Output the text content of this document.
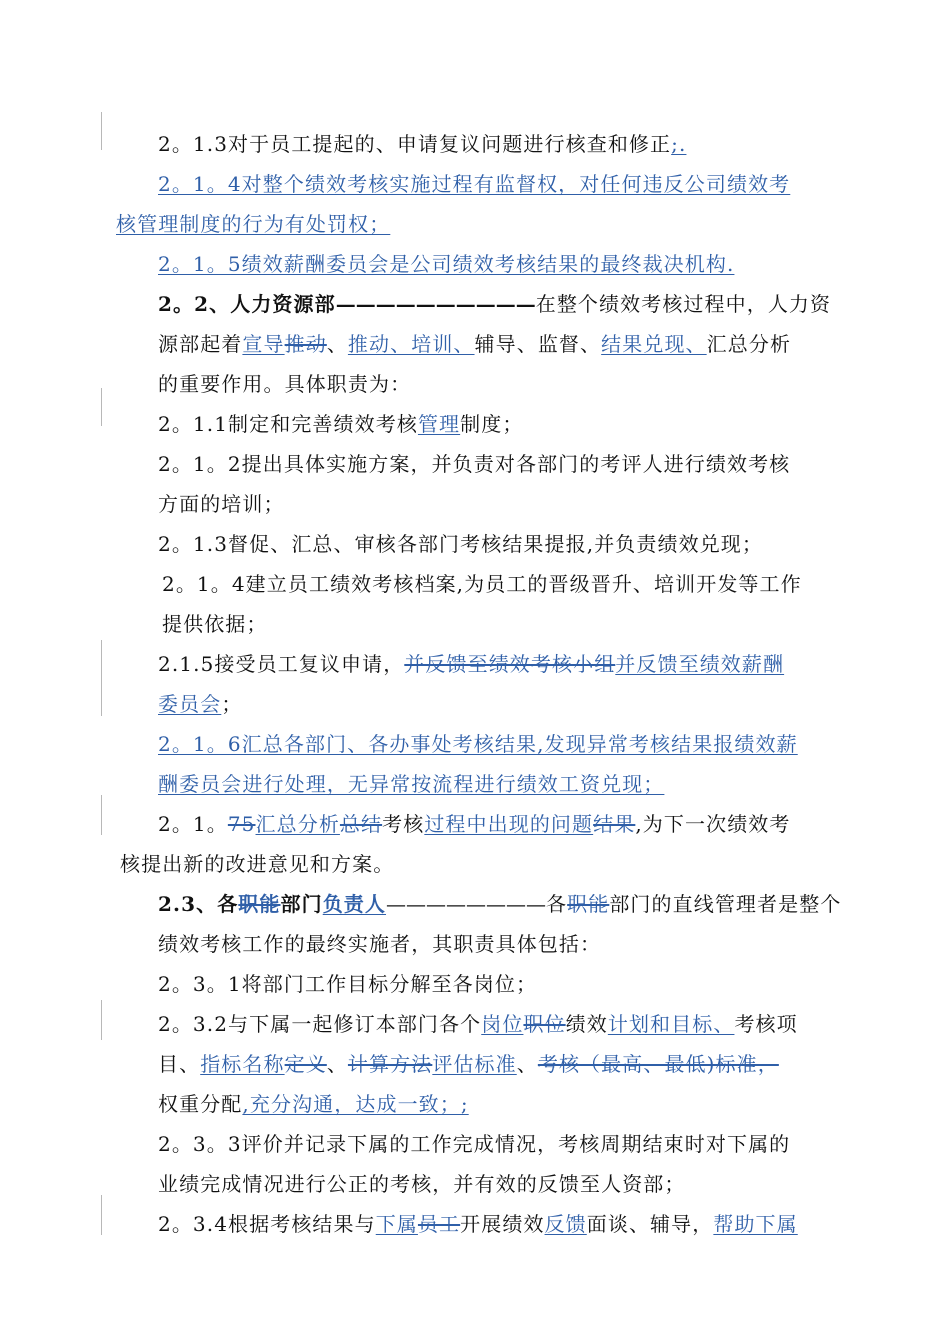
2。1.3对于员工提起的、申请复议问题进行核查和修正;.
2。1。4对整个绩效考核实施过程有监督权，对任何违反公司绩效考
核管理制度的行为有处罚权；
2。1。5绩效薪酬委员会是公司绩效考核结果的最终裁决机构.
2。2、人力资源部——————————在整个绩效考核过程中，人力资
源部起着宣导推动、推动、培训、辅导、监督、结果兑现、汇总分析
的重要作用。具体职责为：
2。1.1制定和完善绩效考核管理制度；
2。1。2提出具体实施方案，并负责对各部门的考评人进行绩效考核
方面的培训；
2。1.3督促、汇总、审核各部门考核结果提报,并负责绩效兑现；
2。1。4建立员工绩效考核档案,为员工的晋级晋升、培训开发等工作
提供依据；
2.1.5接受员工复议申请，并反馈至绩效考核小组并反馈至绩效薪酬
委员会；
2。1。6汇总各部门、各办事处考核结果,发现异常考核结果报绩效薪
酬委员会进行处理，无异常按流程进行绩效工资兑现；
2。1。75汇总分析总结考核过程中出现的问题结果,为下一次绩效考
核提出新的改进意见和方案。
2.3、各职能部门负责人————————各职能部门的直线管理者是整个
绩效考核工作的最终实施者，其职责具体包括：
2。3。1将部门工作目标分解至各岗位；
2。3.2与下属一起修订本部门各个岗位职位绩效计划和目标、考核项
目、指标名称定义、计算方法评估标准、考核（最高、最低)标准，
权重分配,充分沟通，达成一致；;
2。3。3评价并记录下属的工作完成情况，考核周期结束时对下属的
业绩完成情况进行公正的考核，并有效的反馈至人资部；
2。3.4根据考核结果与下属员工开展绩效反馈面谈、辅导，帮助下属
